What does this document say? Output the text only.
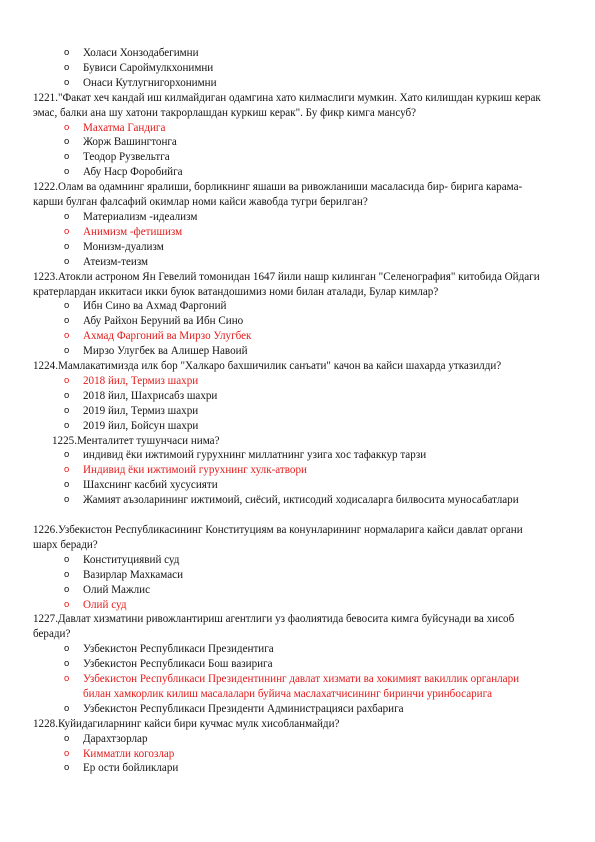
o	Холаси Хонзодабегимни
o	Бувиси Сароймулкхонимни
o	Онаси Кутлугнигорхонимни
1221."Факат хеч кандай иш килмайдиган одамгина хато килмаслиги мумкин. Хато килишдан куркиш керак эмас, балки ана шу хатони такрорлашдан куркиш керак". Бу фикр кимга мансуб?
o	Махатма Гандига
o	Жорж Вашингтонга
o	Теодор Рузвельтга
o	Абу Наср Форобийга
1222.Олам ва одамнинг яралиши, борликнинг яшаши ва ривожланиши масаласида бир- бирига карама-карши булган фалсафий окимлар номи кайси жавобда тугри берилган?
o	Материализм -идеализм
o	Анимизм -фетишизм
o	Монизм-дуализм
o	Атеизм-теизм
1223.Атокли астроном Ян Гевелий томонидан 1647 йили нашр килинган "Селенография" китобида Ойдаги кратерлардан иккитаси икки буюк ватандошимиз номи билан аталади, Булар кимлар?
o	Ибн Сино ва Ахмад Фаргоний
o	Абу Райхон Беруний ва Ибн Сино
o	Ахмад Фаргоний ва Мирзо Улугбек
o	Мирзо Улугбек ва Алишер Навоий
1224.Мамлакатимизда илк бор "Халкаро бахшичилик санъати" качон ва кайси шахарда утказилди?
o	2018 йил, Термиз шахри
o	2018 йил, Шахрисабз шахри
o	2019 йил, Термиз шахри
o	2019 йил, Бойсун шахри
1225.Менталитет тушунчаси нима?
o	индивид ёки ижтимоий гурухнинг миллатнинг узига хос тафаккур тарзи
o	Индивид ёки ижтимоий гурухнинг хулк-атвори
o	Шахснинг касбий хусусияти
o	Жамият аъзоларининг ижтимоий, сиёсий, иктисодий ходисаларга билвосита муносабатлари
1226.Узбекистон Республикасининг Конституциям ва конунларининг нормаларига кайси давлат органи шарх беради?
o	Конституциявий суд
o	Вазирлар Махкамаси
o	Олий Мажлис
o	Олий суд
1227.Давлат хизматини ривожлантириш агентлиги уз фаолиятида бевосита кимга буйсунади ва хисоб беради?
o	Узбекистон Республикаси Президентига
o	Узбекистон Республикаси Бош вазирига
o	Узбекистон Республикаси Президентининг давлат хизмати ва хокимият вакиллик органлари билан хамкорлик килиш масалалари буйича маслахатчисининг биринчи уринбосарига
o	Узбекистон Республикаси Президенти Администрацияси рахбарига
1228.Куйидагиларнинг кайси бири кучмас мулк хисобланмайди?
o	Дарахтзорлар
o	Кимматли когозлар
o	Ер ости бойликлари
